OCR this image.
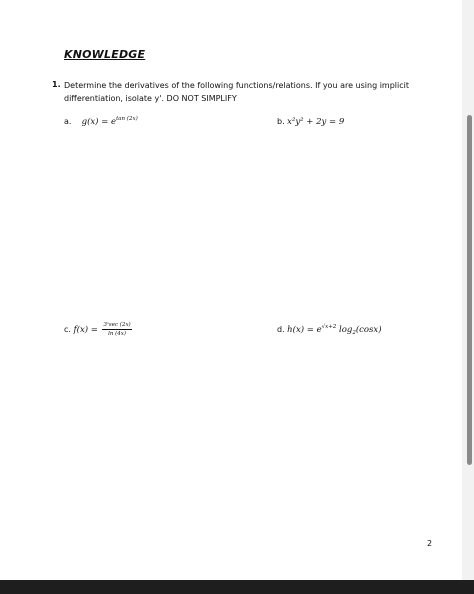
KNOWLEDGE
1. Determine the derivatives of the following functions/relations. If you are using implicit differentiation, isolate y'. DO NOT SIMPLIFY
a. $g(x) = e^{tan (2x)}$	b. x²y² + 2y = 9
c. $f(x) = \frac{\text{3ˣsec (2x)}}{\ln (4x)}$	d. $h(x) = e^{√x+2}$ $\log_2(\cos x)$
2
